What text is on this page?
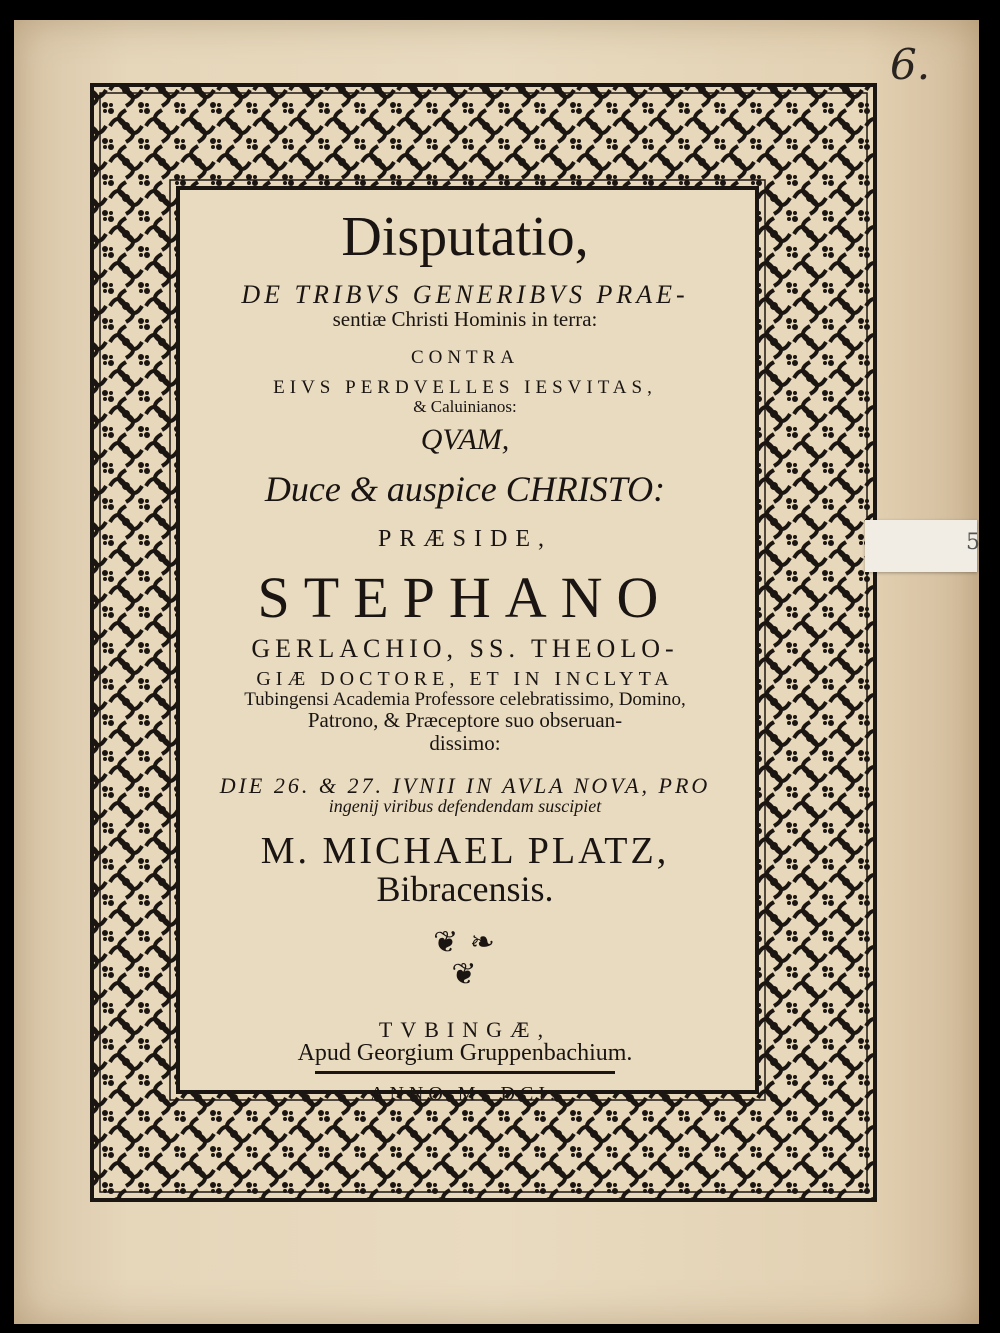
6.
5
Disputatio,
DE TRIBVS GENERIBVS PRAE-
sentiæ Christi Hominis in terra:
CONTRA
EIVS PERDVELLES IESVITAS,
& Caluinianos:
QVAM,
Duce & auspice CHRISTO:
PRÆSIDE,
STEPHANO
GERLACHIO, SS. THEOLO-
GIÆ DOCTORE, ET IN INCLYTA
Tubingensi Academia Professore celebratissimo, Domino,
Patrono, & Præceptore suo obseruan-
dissimo:
DIE 26. & 27. IVNII IN AVLA NOVA, PRO
ingenij viribus defendendam suscipiet
M. MICHAEL PLATZ,
Bibracensis.
❦ ❧
❦
TVBINGÆ,
Apud Georgium Gruppenbachium.
ANNO M. DCI.
